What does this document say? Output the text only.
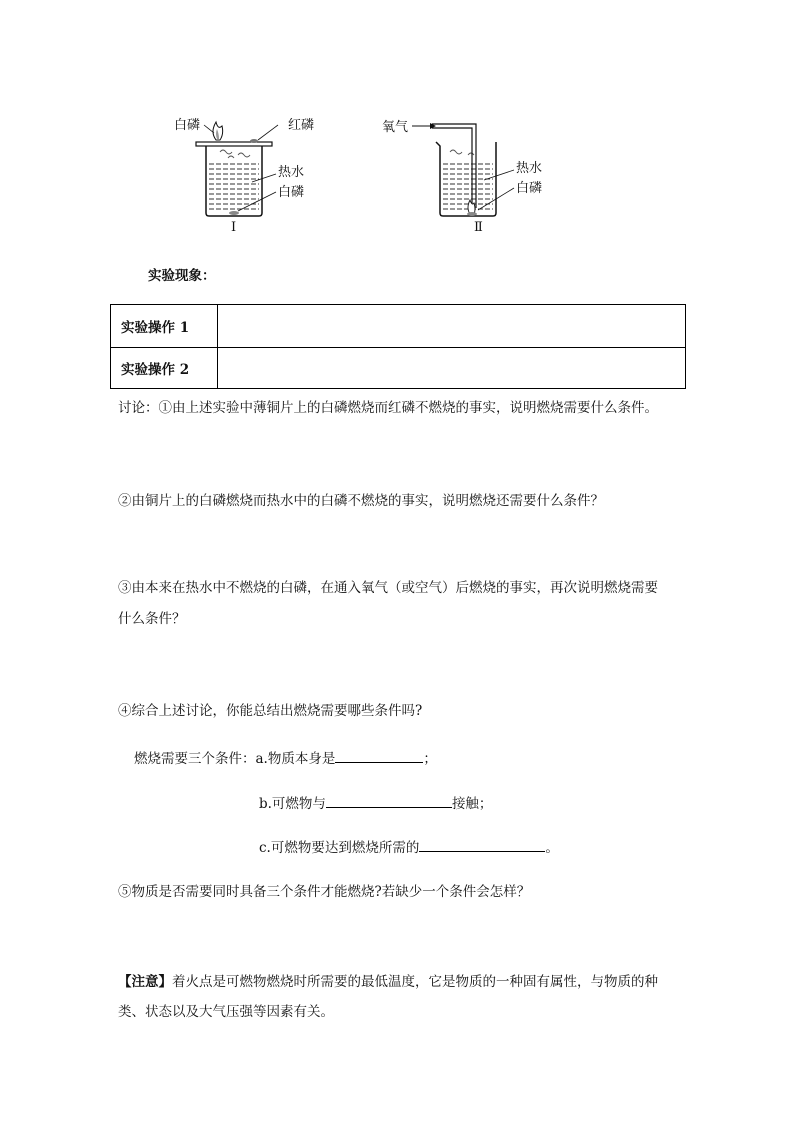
白磷	红磷
热水
白磷
Ⅰ
氧气
热水
白磷
Ⅱ
实验现象：
实验操作 1	
实验操作 2	
讨论：①由上述实验中薄铜片上的白磷燃烧而红磷不燃烧的事实，说明燃烧需要什么条件。
②由铜片上的白磷燃烧而热水中的白磷不燃烧的事实，说明燃烧还需要什么条件？
③由本来在热水中不燃烧的白磷，在通入氧气（或空气）后燃烧的事实，再次说明燃烧需要
什么条件？
④综合上述讨论，你能总结出燃烧需要哪些条件吗?
燃烧需要三个条件：a.物质本身是	；
b.可燃物与	接触；
c.可燃物要达到燃烧所需的	。
⑤物质是否需要同时具备三个条件才能燃烧?若缺少一个条件会怎样？
【注意】着火点是可燃物燃烧时所需要的最低温度，它是物质的一种固有属性，与物质的种
类、状态以及大气压强等因素有关。
